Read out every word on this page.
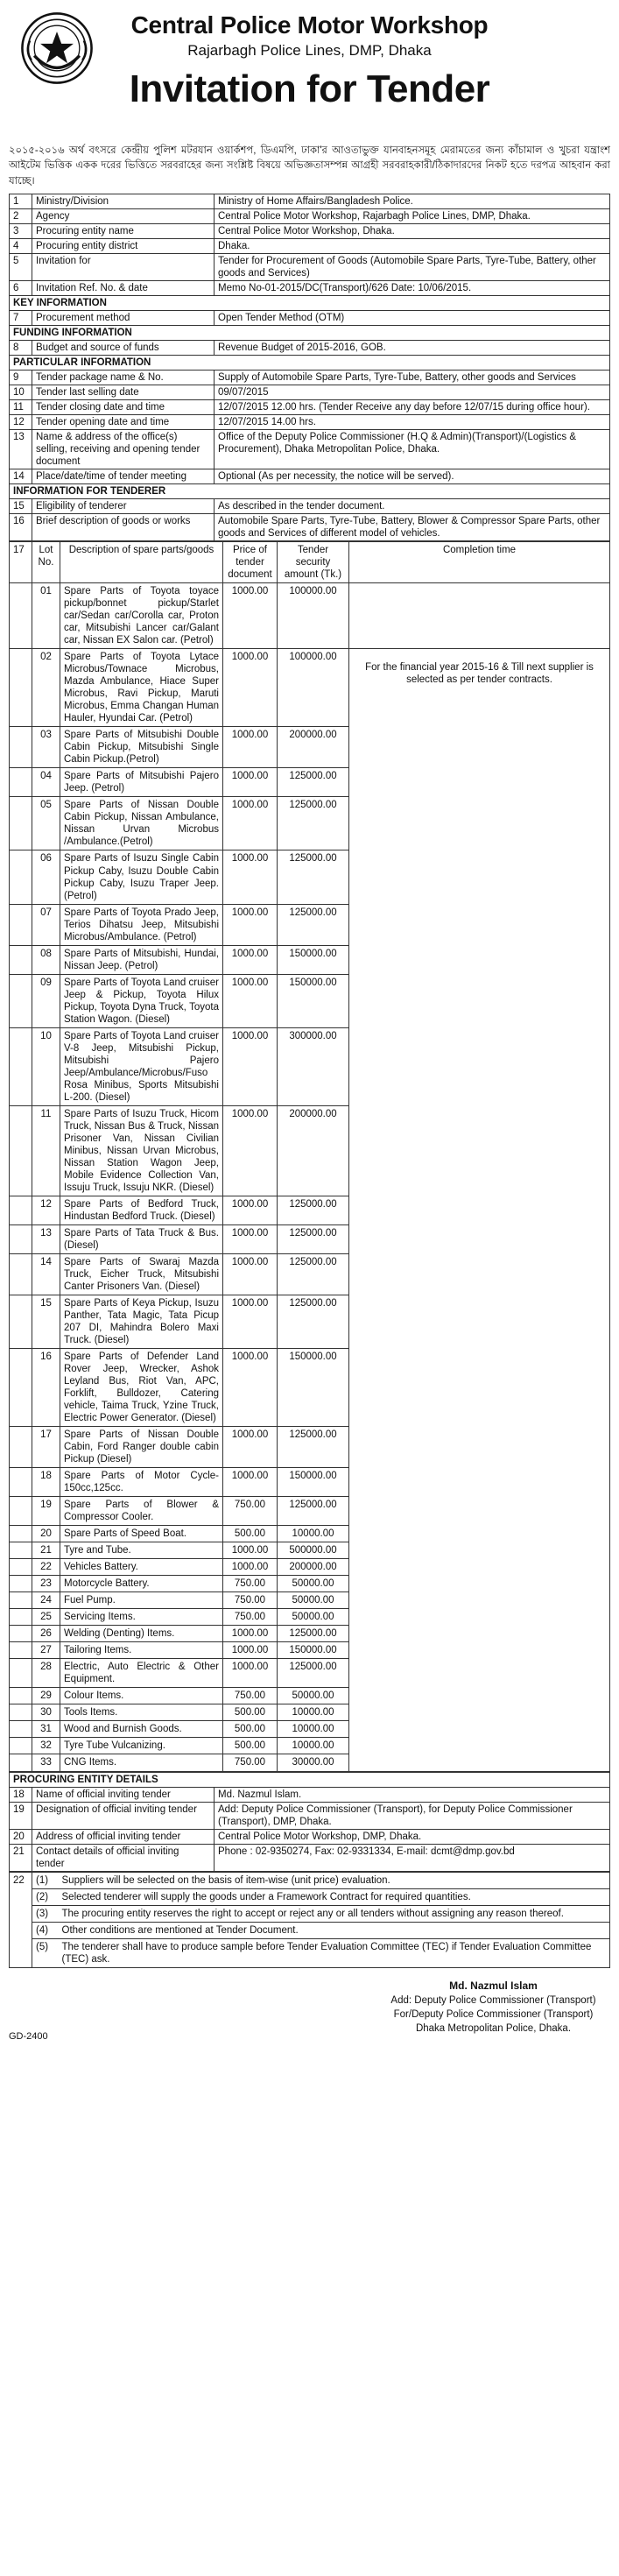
Central Police Motor Workshop
Rajarbagh Police Lines, DMP, Dhaka
Invitation for Tender

২০১৫-২০১৬ অর্থ বৎসরে কেন্দ্রীয় পুলিশ মটরযান ওয়ার্কশপ, ডিএমপি, ঢাকা'র আওতাভুক্ত যানবাহনসমূহ মেরামতের জন্য কাঁচামাল ও খুচরা যন্ত্রাংশ আইটেম ভিত্তিক একক দরের ভিত্তিতে সরবরাহের জন্য সংশ্লিষ্ট বিষয়ে অভিজ্ঞতাসম্পন্ন আগ্রহী সরবরাহকারী/ঠিকাদারদের নিকট হতে দরপত্র আহবান করা যাচ্ছে।

1	Ministry/Division	Ministry of Home Affairs/Bangladesh Police.
2	Agency	Central Police Motor Workshop, Rajarbagh Police Lines, DMP, Dhaka.
3	Procuring entity name	Central Police Motor Workshop, Dhaka.
4	Procuring entity district	Dhaka.
5	Invitation for	Tender for Procurement of Goods (Automobile Spare Parts, Tyre-Tube, Battery, other goods and Services)
6	Invitation Ref. No. & date	Memo No-01-2015/DC(Transport)/626 Date: 10/06/2015.
KEY INFORMATION		
7	Procurement method	Open Tender Method (OTM)
FUNDING INFORMATION		
8	Budget and source of funds	Revenue Budget of 2015-2016, GOB.
PARTICULAR INFORMATION		
9	Tender package name & No.	Supply of Automobile Spare Parts, Tyre-Tube, Battery, other goods and Services
10	Tender last selling date	09/07/2015
11	Tender closing date and time	12/07/2015 12.00 hrs. (Tender Receive any day before 12/07/15 during office hour).
12	Tender opening date and time	12/07/2015 14.00 hrs.
13	Name & address of the office(s) selling, receiving and opening tender document	Office of the Deputy Police Commissioner (H.Q & Admin)(Transport)/(Logistics & Procurement), Dhaka Metropolitan Police, Dhaka.
14	Place/date/time of tender meeting	Optional (As per necessity, the notice will be served).
INFORMATION FOR TENDERER		
15	Eligibility of tenderer	As described in the tender document.
16	Brief description of goods or works	Automobile Spare Parts, Tyre-Tube, Battery, Blower & Compressor Spare Parts, other goods and Services of different model of vehicles.
17	Lot No.	Description of spare parts/goods	Price of tender document	Tender security amount (Tk.)	Completion time
	01	Spare Parts of Toyota toyace pickup/bonnet pickup/Starlet car/Sedan car/Corolla car, Proton car, Mitsubishi Lancer car/Galant car, Nissan EX Salon car. (Petrol)	1000.00	100000.00	
	02	Spare Parts of Toyota Lytace Microbus/Townace Microbus, Mazda Ambulance, Hiace Super Microbus, Ravi Pickup, Maruti Microbus, Emma Changan Human Hauler, Hyundai Car. (Petrol)	1000.00	100000.00	For the financial year 2015-16 & Till next supplier is selected as per tender contracts.
	03	Spare Parts of Mitsubishi Double Cabin Pickup, Mitsubishi Single Cabin Pickup.(Petrol)	1000.00	200000.00	
	04	Spare Parts of Mitsubishi Pajero Jeep. (Petrol)	1000.00	125000.00	
	05	Spare Parts of Nissan Double Cabin Pickup, Nissan Ambulance, Nissan Urvan Microbus /Ambulance.(Petrol)	1000.00	125000.00	
	06	Spare Parts of Isuzu Single Cabin Pickup Caby, Isuzu Double Cabin Pickup Caby, Isuzu Traper Jeep. (Petrol)	1000.00	125000.00	
	07	Spare Parts of Toyota Prado Jeep, Terios Dihatsu Jeep, Mitsubishi Microbus/Ambulance. (Petrol)	1000.00	125000.00	
	08	Spare Parts of Mitsubishi, Hundai, Nissan Jeep. (Petrol)	1000.00	150000.00	
	09	Spare Parts of Toyota Land cruiser Jeep & Pickup, Toyota Hilux Pickup, Toyota Dyna Truck, Toyota Station Wagon. (Diesel)	1000.00	150000.00	
	10	Spare Parts of Toyota Land cruiser V-8 Jeep, Mitsubishi Pickup, Mitsubishi Pajero Jeep/Ambulance/Microbus/Fuso Rosa Minibus, Sports Mitsubishi L-200. (Diesel)	1000.00	300000.00	
	11	Spare Parts of Isuzu Truck, Hicom Truck, Nissan Bus & Truck, Nissan Prisoner Van, Nissan Civilian Minibus, Nissan Urvan Microbus, Nissan Station Wagon Jeep, Mobile Evidence Collection Van, Issuju Truck, Issuju NKR. (Diesel)	1000.00	200000.00	
	12	Spare Parts of Bedford Truck, Hindustan Bedford Truck. (Diesel)	1000.00	125000.00	
	13	Spare Parts of Tata Truck & Bus. (Diesel)	1000.00	125000.00	
	14	Spare Parts of Swaraj Mazda Truck, Eicher Truck, Mitsubishi Canter Prisoners Van. (Diesel)	1000.00	125000.00	
	15	Spare Parts of Keya Pickup, Isuzu Panther, Tata Magic, Tata Picup 207 DI, Mahindra Bolero Maxi Truck. (Diesel)	1000.00	125000.00	
	16	Spare Parts of Defender Land Rover Jeep, Wrecker, Ashok Leyland Bus, Riot Van, APC, Forklift, Bulldozer, Catering vehicle, Taima Truck, Yzine Truck, Electric Power Generator. (Diesel)	1000.00	150000.00	
	17	Spare Parts of Nissan Double Cabin, Ford Ranger double cabin Pickup (Diesel)	1000.00	125000.00	
	18	Spare Parts of Motor Cycle-150cc,125cc.	1000.00	150000.00	
	19	Spare Parts of Blower & Compressor Cooler.	750.00	125000.00	
	20	Spare Parts of Speed Boat.	500.00	10000.00	
	21	Tyre and Tube.	1000.00	500000.00	
	22	Vehicles Battery.	1000.00	200000.00	
	23	Motorcycle Battery.	750.00	50000.00	
	24	Fuel Pump.	750.00	50000.00	
	25	Servicing Items.	750.00	50000.00	
	26	Welding (Denting) Items.	1000.00	125000.00	
	27	Tailoring Items.	1000.00	150000.00	
	28	Electric, Auto Electric & Other Equipment.	1000.00	125000.00	
	29	Colour Items.	750.00	50000.00	
	30	Tools Items.	500.00	10000.00	
	31	Wood and Burnish Goods.	500.00	10000.00	
	32	Tyre Tube Vulcanizing.	500.00	10000.00	
	33	CNG Items.	750.00	30000.00	
PROCURING ENTITY DETAILS		
18	Name of official inviting tender	Md. Nazmul Islam.
19	Designation of official inviting tender	Add: Deputy Police Commissioner (Transport), for Deputy Police Commissioner (Transport), DMP, Dhaka.
20	Address of official inviting tender	Central Police Motor Workshop, DMP, Dhaka.
21	Contact details of official inviting tender	Phone : 02-9350274, Fax: 02-9331334, E-mail: dcmt@dmp.gov.bd
22	(1)	Suppliers will be selected on the basis of item-wise (unit price) evaluation.
	(2)	Selected tenderer will supply the goods under a Framework Contract for required quantities.
	(3)	The procuring entity reserves the right to accept or reject any or all tenders without assigning any reason thereof.
	(4)	Other conditions are mentioned at Tender Document.
	(5)	The tenderer shall have to produce sample before Tender Evaluation Committee (TEC) if Tender Evaluation Committee (TEC) ask.
Md. Nazmul Islam
Add: Deputy Police Commissioner (Transport)
For/Deputy Police Commissioner (Transport)
Dhaka Metropolitan Police, Dhaka.
GD-2400
